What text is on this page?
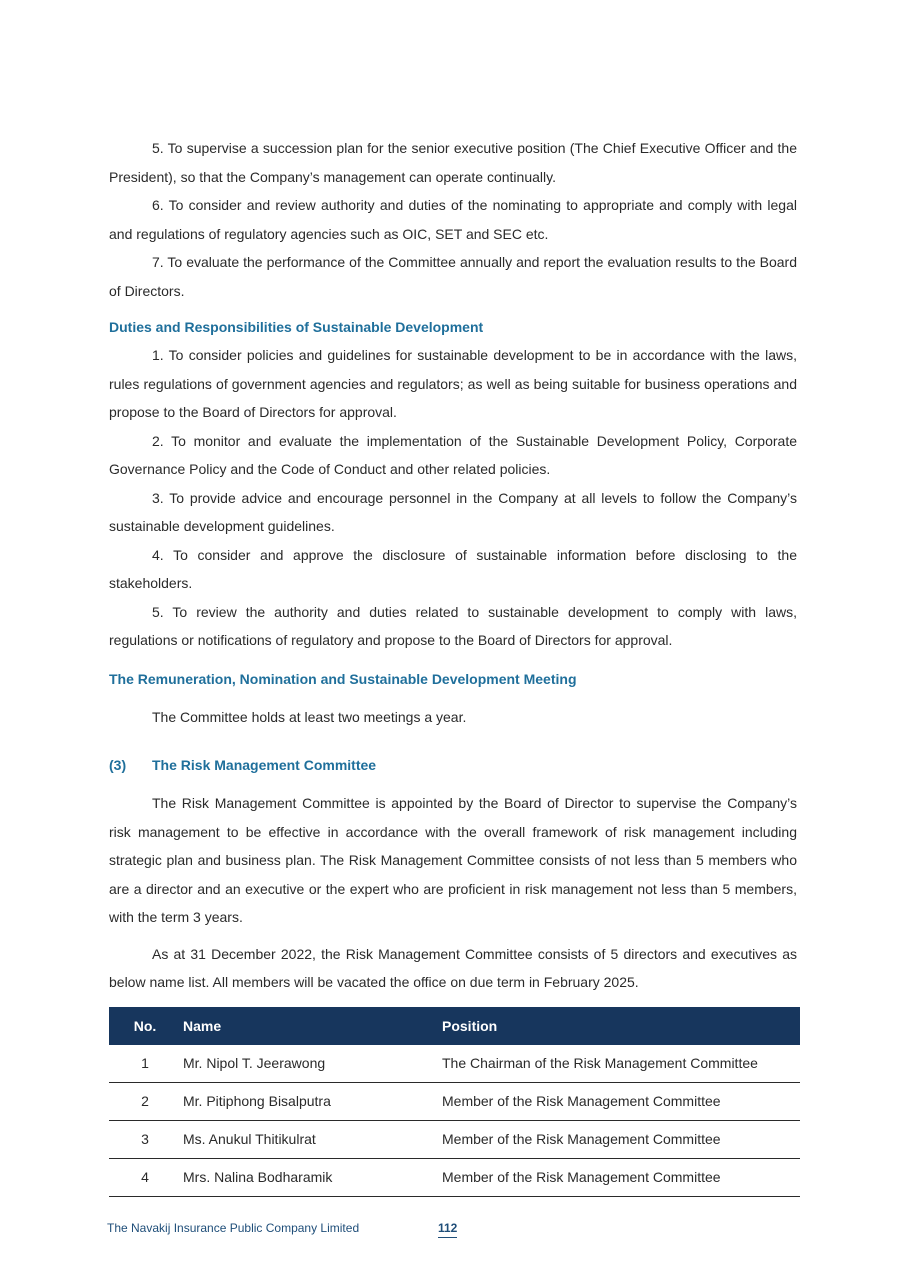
5. To supervise a succession plan for the senior executive position (The Chief Executive Officer and the President), so that the Company’s management can operate continually.

6. To consider and review authority and duties of the nominating to appropriate and comply with legal and regulations of regulatory agencies such as OIC, SET and SEC etc.

7. To evaluate the performance of the Committee annually and report the evaluation results to the Board of Directors.

Duties and Responsibilities of Sustainable Development

1. To consider policies and guidelines for sustainable development to be in accordance with the laws, rules regulations of government agencies and regulators; as well as being suitable for business operations and propose to the Board of Directors for approval.

2. To monitor and evaluate the implementation of the Sustainable Development Policy, Corporate Governance Policy and the Code of Conduct and other related policies.

3. To provide advice and encourage personnel in the Company at all levels to follow the Company’s sustainable development guidelines.

4. To consider and approve the disclosure of sustainable information before disclosing to the stakeholders.

5. To review the authority and duties related to sustainable development to comply with laws, regulations or notifications of regulatory and propose to the Board of Directors for approval.

The Remuneration, Nomination and Sustainable Development Meeting

The Committee holds at least two meetings a year.

(3)	The Risk Management Committee

The Risk Management Committee is appointed by the Board of Director to supervise the Company’s risk management to be effective in accordance with the overall framework of risk management including strategic plan and business plan. The Risk Management Committee consists of not less than 5 members who are a director and an executive or the expert who are proficient in risk management not less than 5 members, with the term 3 years.

As at 31 December 2022, the Risk Management Committee consists of 5 directors and executives as below name list. All members will be vacated the office on due term in February 2025.

No.	Name	Position
1	Mr. Nipol T. Jeerawong	The Chairman of the Risk Management Committee
2	Mr. Pitiphong Bisalputra	Member of the Risk Management Committee
3	Ms. Anukul Thitikulrat	Member of the Risk Management Committee
4	Mrs. Nalina Bodharamik	Member of the Risk Management Committee
The Navakij Insurance Public Company Limited	112
